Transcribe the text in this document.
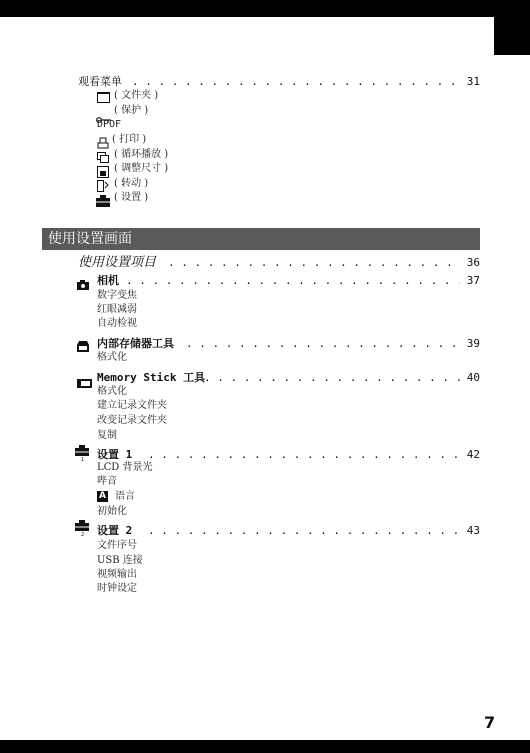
观看菜单 . . .	31
( 文件夹 )
( 保护 )
DPOF
( 打印 )
( 循环播放 )
( 调整尺寸 )
( 转动 )
( 设置 )
使用设置画面
使用设置项目 . . .	36
相机 . . .	37
数字变焦
红眼减弱
自动检视
内部存储器工具 . . .	39
格式化
Memory Stick 工具 . . .	40
格式化
建立记录文件夹
改变记录文件夹
复制
1 设置 1 . . .	42
LCD 背景光
哔音
A 语言
初始化
2 设置 2 . . .	43
文件序号
USB 连接
视频输出
时钟设定
7
